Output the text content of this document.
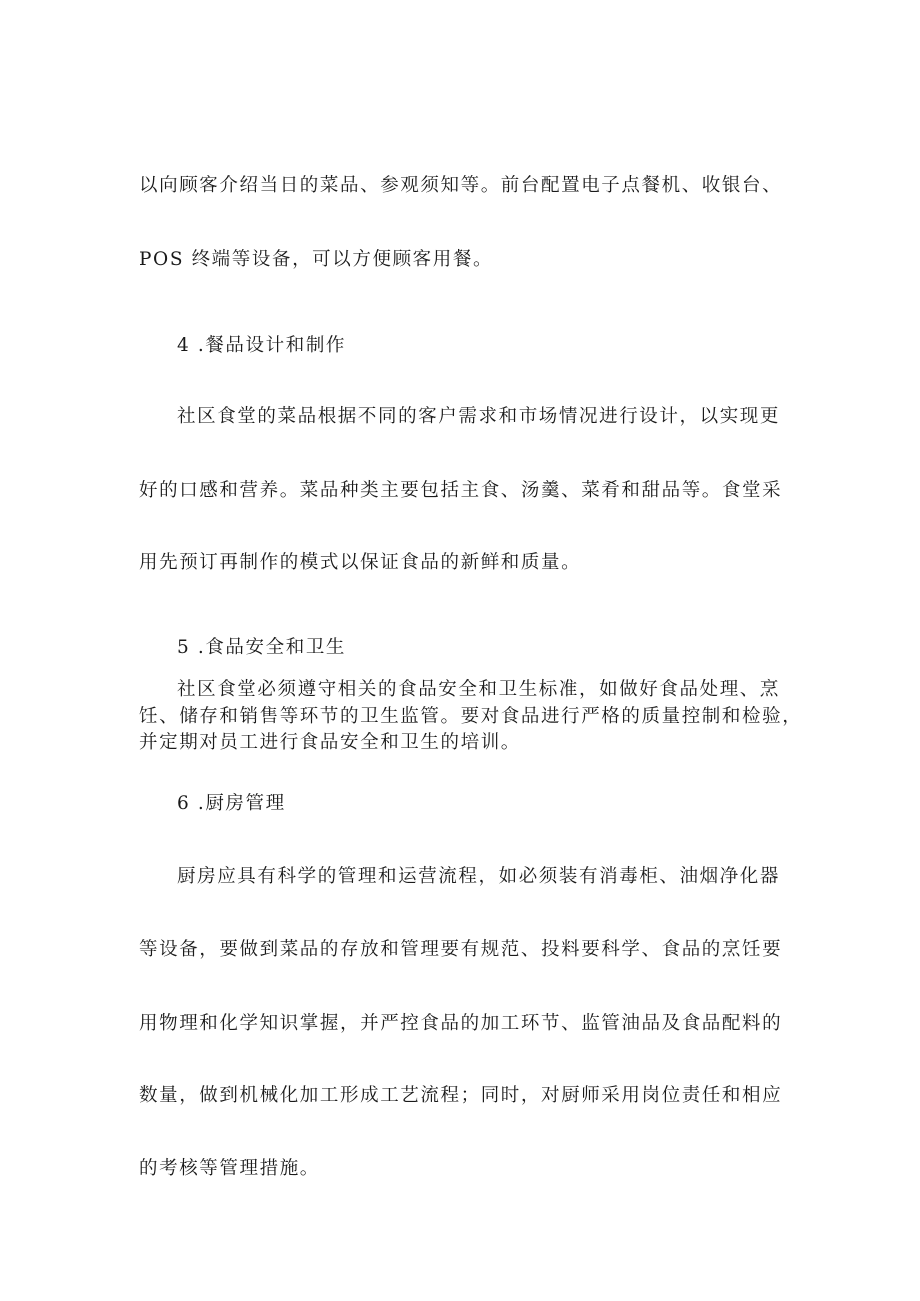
以向顾客介绍当日的菜品、参观须知等。前台配置电子点餐机、收银台、

POS 终端等设备，可以方便顾客用餐。

4 .餐品设计和制作

社区食堂的菜品根据不同的客户需求和市场情况进行设计，以实现更

好的口感和营养。菜品种类主要包括主食、汤羹、菜肴和甜品等。食堂采

用先预订再制作的模式以保证食品的新鲜和质量。

5 .食品安全和卫生

社区食堂必须遵守相关的食品安全和卫生标准，如做好食品处理、烹

饪、储存和销售等环节的卫生监管。要对食品进行严格的质量控制和检验，

并定期对员工进行食品安全和卫生的培训。

6 .厨房管理

厨房应具有科学的管理和运营流程，如必须装有消毒柜、油烟净化器

等设备，要做到菜品的存放和管理要有规范、投料要科学、食品的烹饪要

用物理和化学知识掌握，并严控食品的加工环节、监管油品及食品配料的

数量，做到机械化加工形成工艺流程；同时，对厨师采用岗位责任和相应

的考核等管理措施。
